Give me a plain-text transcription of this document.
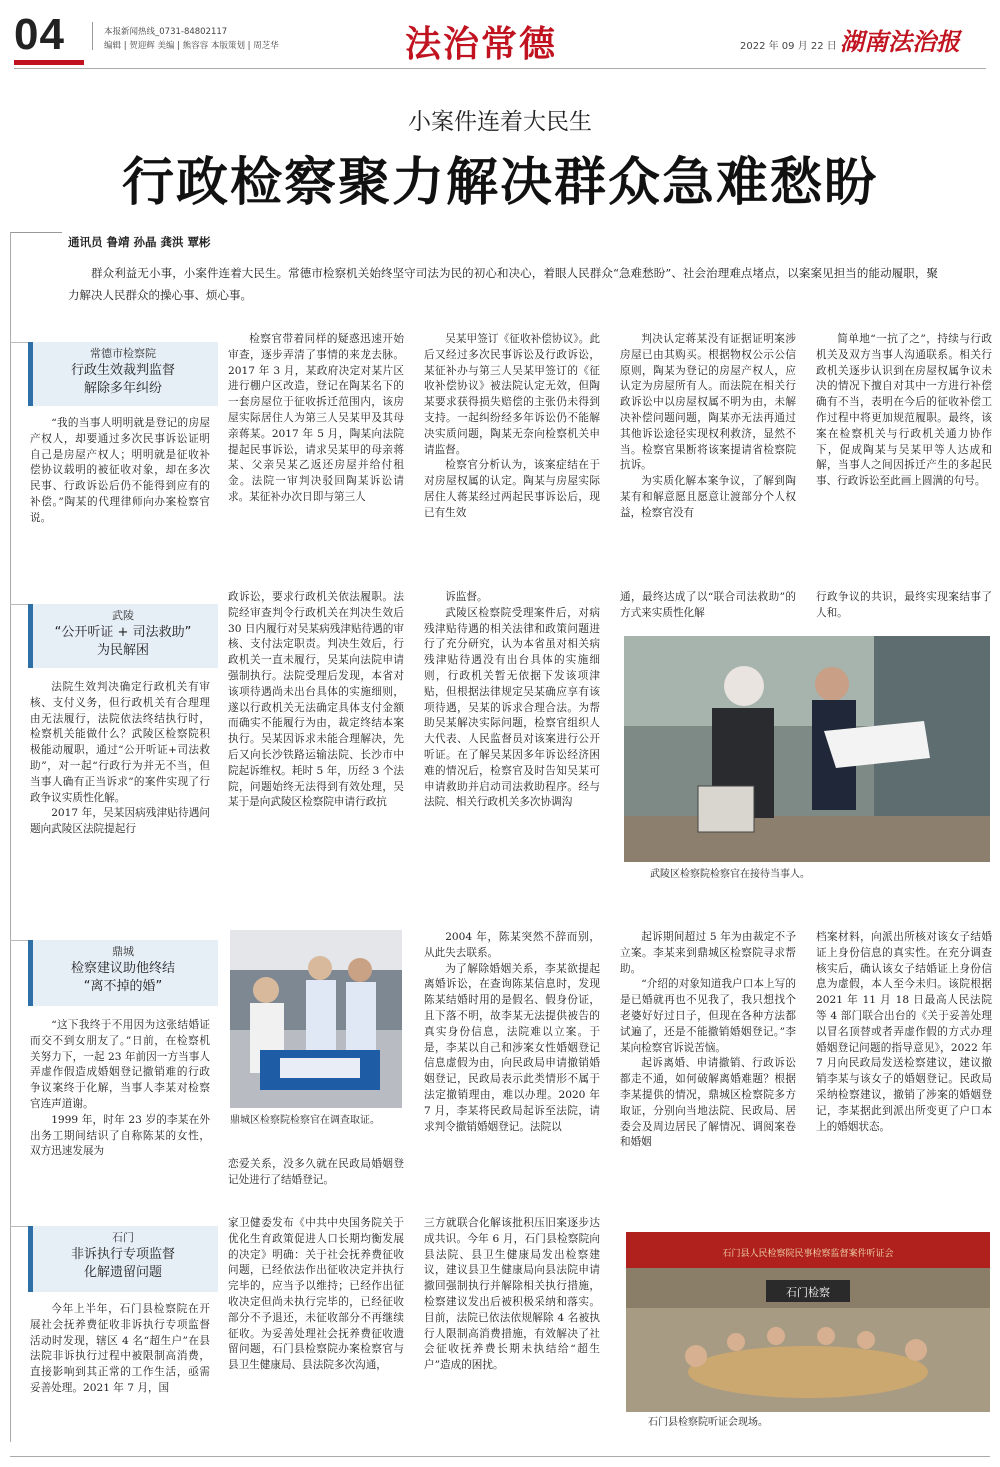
04	本报新闻热线_0731-84802117
编辑 | 贺迎辉 美编 | 熊容容 本版策划 | 周芝华	法治常德	2022 年 09 月 22 日 湖南法治报
小案件连着大民生
行政检察聚力解决群众急难愁盼
通讯员 鲁靖 孙晶 龚洪 覃彬
群众利益无小事，小案件连着大民生。常德市检察机关始终坚守司法为民的初心和决心，着眼人民群众“急难愁盼”、社会治理难点堵点，以案案见担当的能动履职，聚力解决人民群众的操心事、烦心事。
常德市检察院
行政生效裁判监督
解除多年纠纷

“我的当事人明明就是登记的房屋产权人，却要通过多次民事诉讼证明自己是房屋产权人；明明就是征收补偿协议载明的被征收对象，却在多次民事、行政诉讼后仍不能得到应有的补偿。”陶某的代理律师向办案检察官说。

检察官带着同样的疑惑迅速开始审查，逐步弄清了事情的来龙去脉。2017 年 3 月，某政府决定对某片区进行棚户区改造，登记在陶某名下的一套房屋位于征收拆迁范围内，该房屋实际居住人为第三人吴某甲及其母亲蒋某。2017 年 5 月，陶某向法院提起民事诉讼，请求吴某甲的母亲蒋某、父亲吴某乙返还房屋并给付租金。法院一审判决驳回陶某诉讼请求。某征补办次日即与第三人

吴某甲签订《征收补偿协议》。此后又经过多次民事诉讼及行政诉讼，某征补办与第三人吴某甲签订的《征收补偿协议》被法院认定无效，但陶某要求获得损失赔偿的主张仍未得到支持。一起纠纷经多年诉讼仍不能解决实质问题，陶某无奈向检察机关申请监督。

检察官分析认为，该案症结在于对房屋权属的认定。陶某与房屋实际居住人蒋某经过两起民事诉讼后，现已有生效

判决认定蒋某没有证据证明案涉房屋已由其购买。根据物权公示公信原则，陶某为登记的房屋产权人，应认定为房屋所有人。而法院在相关行政诉讼中以房屋权属不明为由，未解决补偿问题问题，陶某亦无法再通过其他诉讼途径实现权利救济，显然不当。检察官果断将该案提请省检察院抗诉。

为实质化解本案争议，了解到陶某有和解意愿且愿意让渡部分个人权益，检察官没有

简单地“一抗了之”，持续与行政机关及双方当事人沟通联系。相关行政机关逐步认识到在房屋权属争议未决的情况下擅自对其中一方进行补偿确有不当，表明在今后的征收补偿工作过程中将更加规范履职。最终，该案在检察机关与行政机关通力协作下，促成陶某与吴某甲等人达成和解，当事人之间因拆迁产生的多起民事、行政诉讼至此画上圆满的句号。

武陵
“公开听证 + 司法救助”
为民解困

法院生效判决确定行政机关有审核、支付义务，但行政机关有合理理由无法履行，法院依法终结执行时，检察机关能做什么？武陵区检察院积极能动履职，通过“公开听证+司法救助”，对一起“行政行为并无不当，但当事人确有正当诉求”的案件实现了行政争议实质性化解。

2017 年，吴某因病残津贴待遇问题向武陵区法院提起行

政诉讼，要求行政机关依法履职。法院经审查判令行政机关在判决生效后 30 日内履行对吴某病残津贴待遇的审核、支付法定职责。判决生效后，行政机关一直未履行，吴某向法院申请强制执行。法院受理后发现，本省对该项待遇尚未出台具体的实施细则，遂以行政机关无法确定具体支付金额而确实不能履行为由，裁定终结本案执行。吴某因诉求未能合理解决，先后又向长沙铁路运输法院、长沙市中院起诉维权。耗时 5 年，历经 3 个法院，问题始终无法得到有效处理，吴某于是向武陵区检察院申请行政抗

诉监督。

武陵区检察院受理案件后，对病残津贴待遇的相关法律和政策问题进行了充分研究，认为本省虽对相关病残津贴待遇没有出台具体的实施细则，行政机关暂无依据下发该项津贴，但根据法律规定吴某确应享有该项待遇，吴某的诉求合理合法。为帮助吴某解决实际问题，检察官组织人大代表、人民监督员对该案进行公开听证。在了解吴某因多年诉讼经济困难的情况后，检察官及时告知吴某可申请救助并启动司法救助程序。经与法院、相关行政机关多次协调沟

通，最终达成了以“联合司法救助”的方式来实质性化解

行政争议的共识，最终实现案结事了人和。

武陵区检察院检察官在接待当事人。
鼎城
检察建议助他终结
“离不掉的婚”

“这下我终于不用因为这张结婚证而交不到女朋友了。”日前，在检察机关努力下，一起 23 年前因一方当事人弄虚作假造成婚姻登记撤销难的行政争议案终于化解，当事人李某对检察官连声道谢。

1999 年，时年 23 岁的李某在外出务工期间结识了自称陈某的女性，双方迅速发展为

鼎城区检察院检察官在调查取证。

恋爱关系，没多久就在民政局婚姻登记处进行了结婚登记。

2004 年，陈某突然不辞而别，从此失去联系。

为了解除婚姻关系，李某欲提起离婚诉讼，在查询陈某信息时，发现陈某结婚时用的是假名、假身份证，且下落不明，故李某无法提供被告的真实身份信息，法院难以立案。于是，李某以自己和涉案女性婚姻登记信息虚假为由，向民政局申请撤销婚姻登记，民政局表示此类情形不属于法定撤销理由，难以办理。2020 年 7 月，李某将民政局起诉至法院，请求判令撤销婚姻登记。法院以

起诉期间超过 5 年为由裁定不予立案。李某来到鼎城区检察院寻求帮助。

“介绍的对象知道我户口本上写的是已婚就再也不见我了，我只想找个老婆好好过日子，但现在各种方法都试遍了，还是不能撤销婚姻登记。”李某向检察官诉说苦恼。

起诉离婚、申请撤销、行政诉讼都走不通，如何破解离婚难题？根据李某提供的情况，鼎城区检察院多方取证，分别向当地法院、民政局、居委会及周边居民了解情况、调阅案卷和婚姻

档案材料，向派出所核对该女子结婚证上身份信息的真实性。在充分调查核实后，确认该女子结婚证上身份信息为虚假，本人至今未归。该院根据 2021 年 11 月 18 日最高人民法院等 4 部门联合出台的《关于妥善处理以冒名顶替或者弄虚作假的方式办理婚姻登记问题的指导意见》，2022 年 7 月向民政局发送检察建议，建议撤销李某与该女子的婚姻登记。民政局采纳检察建议，撤销了涉案的婚姻登记，李某据此到派出所变更了户口本上的婚姻状态。

石门
非诉执行专项监督
化解遗留问题

今年上半年，石门县检察院在开展社会抚养费征收非诉执行专项监督活动时发现，辖区 4 名“超生户”在县法院非诉执行过程中被限制高消费，直接影响到其正常的工作生活，亟需妥善处理。2021 年 7 月，国

家卫健委发布《中共中央国务院关于优化生育政策促进人口长期均衡发展的决定》明确：关于社会抚养费征收问题，已经依法作出征收决定并执行完毕的，应当予以维持；已经作出征收决定但尚未执行完毕的，已经征收部分不予退还，未征收部分不再继续征收。为妥善处理社会抚养费征收遗留问题，石门县检察院办案检察官与县卫生健康局、县法院多次沟通，

三方就联合化解该批积压旧案逐步达成共识。今年 6 月，石门县检察院向县法院、县卫生健康局发出检察建议，建议县卫生健康局向县法院申请撤回强制执行并解除相关执行措施，检察建议发出后被积极采纳和落实。目前，法院已依法依规解除 4 名被执行人限制高消费措施，有效解决了社会征收抚养费长期未执结给“超生户”造成的困扰。

石门县人民检察院民事检察监督案件听证会
石门检察
石门县检察院听证会现场。
